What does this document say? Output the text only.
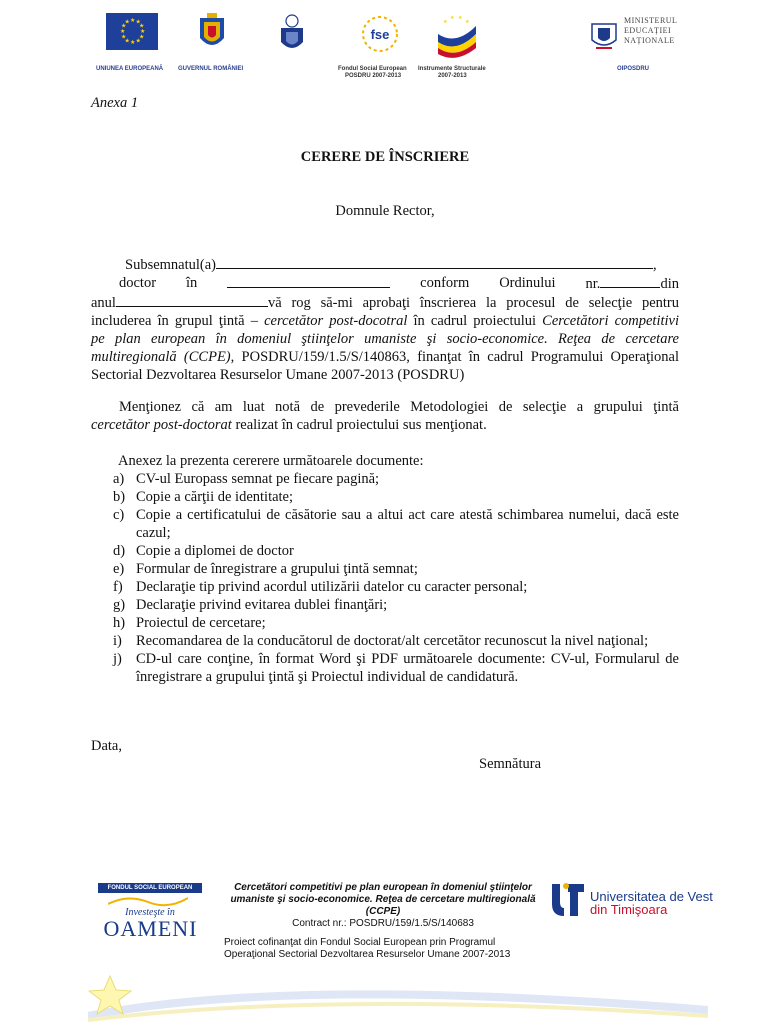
★ ★
★
★
★
★
★
★
★
★
★
★
UNIUNEA EUROPEANĂ GUVERNUL ROMÂNIEI
fse
Fondul Social European
POSDRU 2007-2013
★ ★
★
★
Instrumente Structurale
2007-2013
MINISTERUL
EDUCAȚIEI
NAȚIONALE
OIPOSDRU
Anexa 1
CERERE DE ÎNSCRIERE
Domnule Rector,
Subsemnatul(a)	,
doctor în	conform Ordinului nr.	din
anul	vă rog să-mi aprobaţi înscrierea la procesul de selecţie pentru
includerea în grupul ţintă – cercetător post-docotral în cadrul proiectului Cercetători competitivi
pe plan european în domeniul ştiinţelor umaniste şi socio-economice. Reţea de cercetare
multiregională (CCPE), POSDRU/159/1.5/S/140863, finanţat în cadrul Programului Operaţional
Sectorial Dezvoltarea Resurselor Umane 2007-2013 (POSDRU)
Menţionez că am luat notă de prevederile Metodologiei de selecţie a grupului ţintă
cercetător post-doctorat realizat în cadrul proiectului sus menţionat.
Anexez la prezenta cererere următoarele documente:
a) CV-ul Europass semnat pe fiecare pagină;
b) Copie a cărţii de identitate;
c) Copie a certificatului de căsătorie sau a altui act care atestă schimbarea numelui, dacă este cazul;
d) Copie a diplomei de doctor
e) Formular de înregistrare a grupului ţintă semnat;
f) Declaraţie tip privind acordul utilizării datelor cu caracter personal;
g) Declaraţie privind evitarea dublei finanţări;
h) Proiectul de cercetare;
i) Recomandarea de la conducătorul de doctorat/alt cercetător recunoscut la nivel naţional;
j) CD-ul care conţine, în format Word şi PDF următoarele documente: CV-ul, Formularul de înregistrare a grupului ţintă şi Proiectul individual de candidatură.
Data,
Semnătura
FONDUL SOCIAL EUROPEAN
Investeşte în
OAMENI
Cercetători competitivi pe plan european în domeniul ştiinţelor umaniste şi socio-economice. Reţea de cercetare multiregională (CCPE)
Contract nr.: POSDRU/159/1.5/S/140683
Proiect cofinanţat din Fondul Social European prin Programul Operaţional Sectorial Dezvoltarea Resurselor Umane 2007-2013
Universitatea de Vest
din Timişoara
